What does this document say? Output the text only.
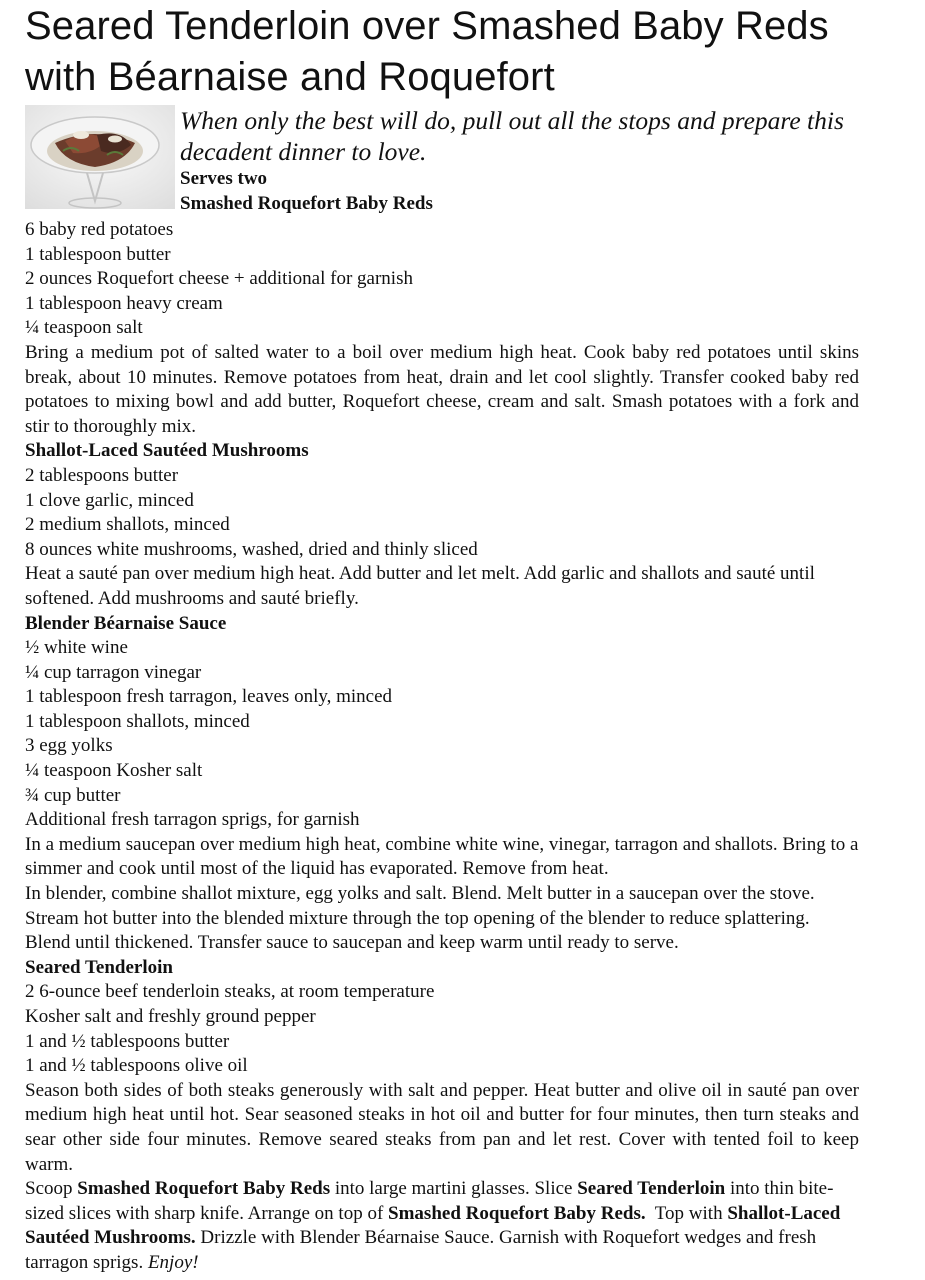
Seared Tenderloin over Smashed Baby Reds
with Béarnaise and Roquefort
When only the best will do, pull out all the stops and prepare this decadent dinner to love.
Serves two
Smashed Roquefort Baby Reds
6 baby red potatoes
1 tablespoon butter
2 ounces Roquefort cheese + additional for garnish
1 tablespoon heavy cream
¼ teaspoon salt
Bring a medium pot of salted water to a boil over medium high heat. Cook baby red potatoes until skins break, about 10 minutes. Remove potatoes from heat, drain and let cool slightly. Transfer cooked baby red potatoes to mixing bowl and add butter, Roquefort cheese, cream and salt. Smash potatoes with a fork and stir to thoroughly mix.
Shallot-Laced Sautéed Mushrooms
2 tablespoons butter
1 clove garlic, minced
2 medium shallots, minced
8 ounces white mushrooms, washed, dried and thinly sliced
Heat a sauté pan over medium high heat. Add butter and let melt. Add garlic and shallots and sauté until softened. Add mushrooms and sauté briefly.
Blender Béarnaise Sauce
½ white wine
¼ cup tarragon vinegar
1 tablespoon fresh tarragon, leaves only, minced
1 tablespoon shallots, minced
3 egg yolks
¼ teaspoon Kosher salt
¾ cup butter
Additional fresh tarragon sprigs, for garnish
In a medium saucepan over medium high heat, combine white wine, vinegar, tarragon and shallots. Bring to a simmer and cook until most of the liquid has evaporated. Remove from heat.
In blender, combine shallot mixture, egg yolks and salt. Blend. Melt butter in a saucepan over the stove. Stream hot butter into the blended mixture through the top opening of the blender to reduce splattering. Blend until thickened. Transfer sauce to saucepan and keep warm until ready to serve.
Seared Tenderloin
2 6-ounce beef tenderloin steaks, at room temperature
Kosher salt and freshly ground pepper
1 and ½ tablespoons butter
1 and ½ tablespoons olive oil
Season both sides of both steaks generously with salt and pepper. Heat butter and olive oil in sauté pan over medium high heat until hot. Sear seasoned steaks in hot oil and butter for four minutes, then turn steaks and sear other side four minutes. Remove seared steaks from pan and let rest. Cover with tented foil to keep warm.
Scoop Smashed Roquefort Baby Reds into large martini glasses. Slice Seared Tenderloin into thin bite-sized slices with sharp knife. Arrange on top of Smashed Roquefort Baby Reds.  Top with Shallot-Laced Sautéed Mushrooms. Drizzle with Blender Béarnaise Sauce. Garnish with Roquefort wedges and fresh tarragon sprigs. Enjoy!
